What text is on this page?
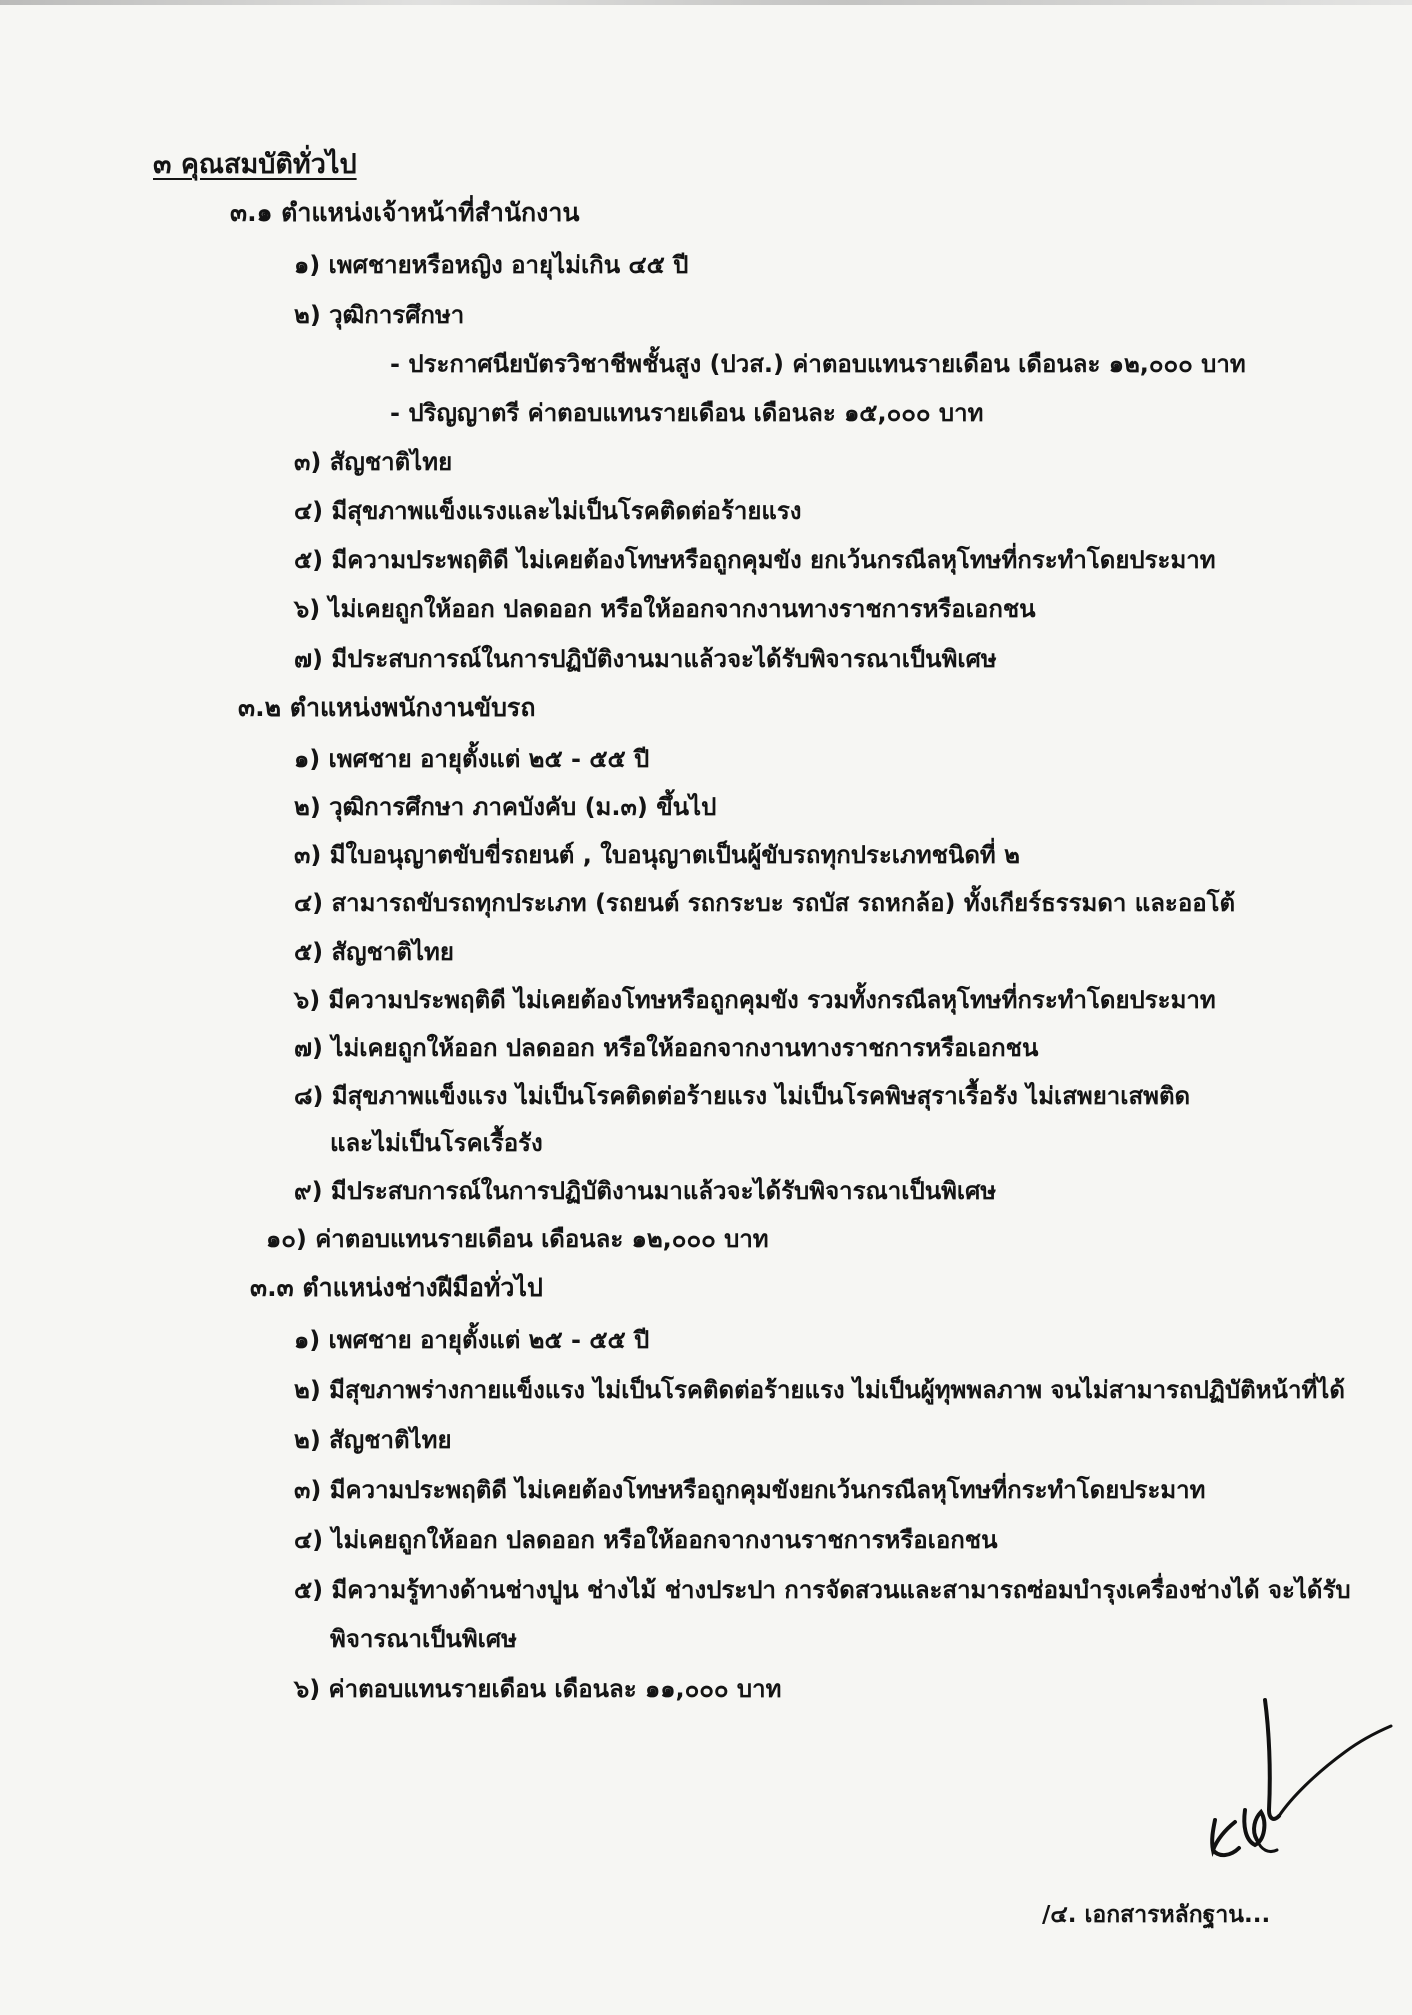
๓ คุณสมบัติทั่วไป
๓.๑ ตำแหน่งเจ้าหน้าที่สำนักงาน
๑) เพศชายหรือหญิง อายุไม่เกิน ๔๕ ปี
๒) วุฒิการศึกษา
- ประกาศนียบัตรวิชาชีพชั้นสูง (ปวส.) ค่าตอบแทนรายเดือน เดือนละ ๑๒,๐๐๐ บาท
- ปริญญาตรี ค่าตอบแทนรายเดือน เดือนละ ๑๕,๐๐๐ บาท
๓) สัญชาติไทย
๔) มีสุขภาพแข็งแรงและไม่เป็นโรคติดต่อร้ายแรง
๕) มีความประพฤติดี ไม่เคยต้องโทษหรือถูกคุมขัง ยกเว้นกรณีลหุโทษที่กระทำโดยประมาท
๖) ไม่เคยถูกให้ออก ปลดออก หรือให้ออกจากงานทางราชการหรือเอกชน
๗) มีประสบการณ์ในการปฏิบัติงานมาแล้วจะได้รับพิจารณาเป็นพิเศษ
๓.๒ ตำแหน่งพนักงานขับรถ
๑) เพศชาย อายุตั้งแต่ ๒๕ - ๕๕ ปี
๒) วุฒิการศึกษา ภาคบังคับ (ม.๓) ขึ้นไป
๓) มีใบอนุญาตขับขี่รถยนต์ , ใบอนุญาตเป็นผู้ขับรถทุกประเภทชนิดที่ ๒
๔) สามารถขับรถทุกประเภท (รถยนต์ รถกระบะ รถบัส รถหกล้อ) ทั้งเกียร์ธรรมดา และออโต้
๕) สัญชาติไทย
๖) มีความประพฤติดี ไม่เคยต้องโทษหรือถูกคุมขัง รวมทั้งกรณีลหุโทษที่กระทำโดยประมาท
๗) ไม่เคยถูกให้ออก ปลดออก หรือให้ออกจากงานทางราชการหรือเอกชน
๘) มีสุขภาพแข็งแรง ไม่เป็นโรคติดต่อร้ายแรง ไม่เป็นโรคพิษสุราเรื้อรัง ไม่เสพยาเสพติด
และไม่เป็นโรคเรื้อรัง
๙) มีประสบการณ์ในการปฏิบัติงานมาแล้วจะได้รับพิจารณาเป็นพิเศษ
๑๐) ค่าตอบแทนรายเดือน เดือนละ ๑๒,๐๐๐ บาท
๓.๓ ตำแหน่งช่างฝีมือทั่วไป
๑) เพศชาย อายุตั้งแต่ ๒๕ - ๕๕ ปี
๒) มีสุขภาพร่างกายแข็งแรง ไม่เป็นโรคติดต่อร้ายแรง ไม่เป็นผู้ทุพพลภาพ จนไม่สามารถปฏิบัติหน้าที่ได้
๒) สัญชาติไทย
๓) มีความประพฤติดี ไม่เคยต้องโทษหรือถูกคุมขังยกเว้นกรณีลหุโทษที่กระทำโดยประมาท
๔) ไม่เคยถูกให้ออก ปลดออก หรือให้ออกจากงานราชการหรือเอกชน
๕) มีความรู้ทางด้านช่างปูน ช่างไม้ ช่างประปา การจัดสวนและสามารถซ่อมบำรุงเครื่องช่างได้ จะได้รับ
พิจารณาเป็นพิเศษ
๖) ค่าตอบแทนรายเดือน เดือนละ ๑๑,๐๐๐ บาท
/๔. เอกสารหลักฐาน...
